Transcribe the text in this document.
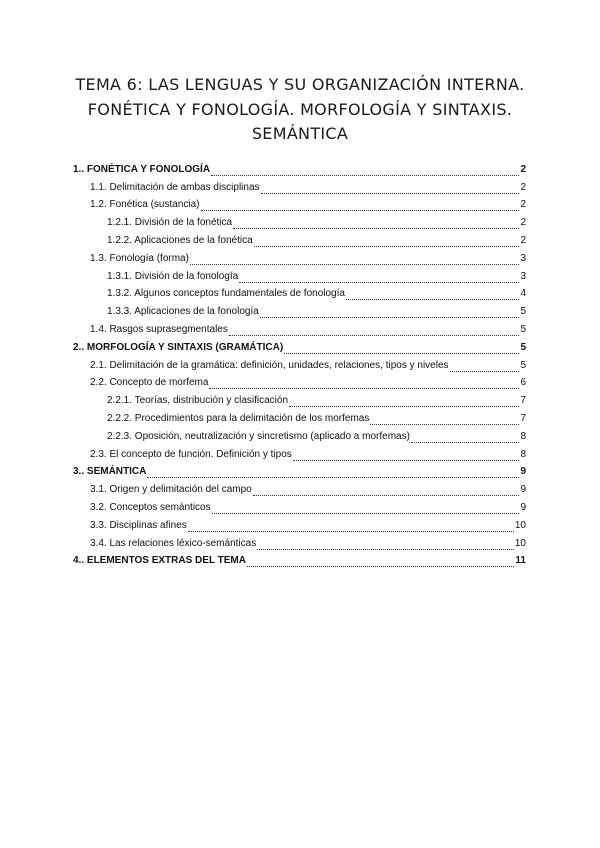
TEMA 6: LAS LENGUAS Y SU ORGANIZACIÓN INTERNA.
FONÉTICA Y FONOLOGÍA. MORFOLOGÍA Y SINTAXIS.
SEMÁNTICA
1.. FONÉTICA Y FONOLOGÍA	2
1.1. Delimitación de ambas disciplinas	2
1.2. Fonética (sustancia)	2
1.2.1. División de la fonética	2
1.2.2. Aplicaciones de la fonética	2
1.3. Fonología (forma)	3
1.3.1. División de la fonología	3
1.3.2. Algunos conceptos fundamentales de fonología	4
1.3.3. Aplicaciones de la fonología	5
1.4. Rasgos suprasegmentales	5
2.. MORFOLOGÍA Y SINTAXIS (GRAMÁTICA)	5
2.1. Delimitación de la gramática: definición, unidades, relaciones, tipos y niveles	5
2.2. Concepto de morfema	6
2.2.1. Teorías, distribución y clasificación	7
2.2.2. Procedimientos para la delimitación de los morfemas	7
2.2.3. Oposición, neutralización y sincretismo (aplicado a morfemas)	8
2.3. El concepto de función. Definición y tipos	8
3.. SEMÁNTICA	9
3.1. Origen y delimitación del campo	9
3.2. Conceptos semánticos	9
3.3. Disciplinas afines	10
3.4. Las relaciones léxico-semánticas	10
4.. ELEMENTOS EXTRAS DEL TEMA	11
